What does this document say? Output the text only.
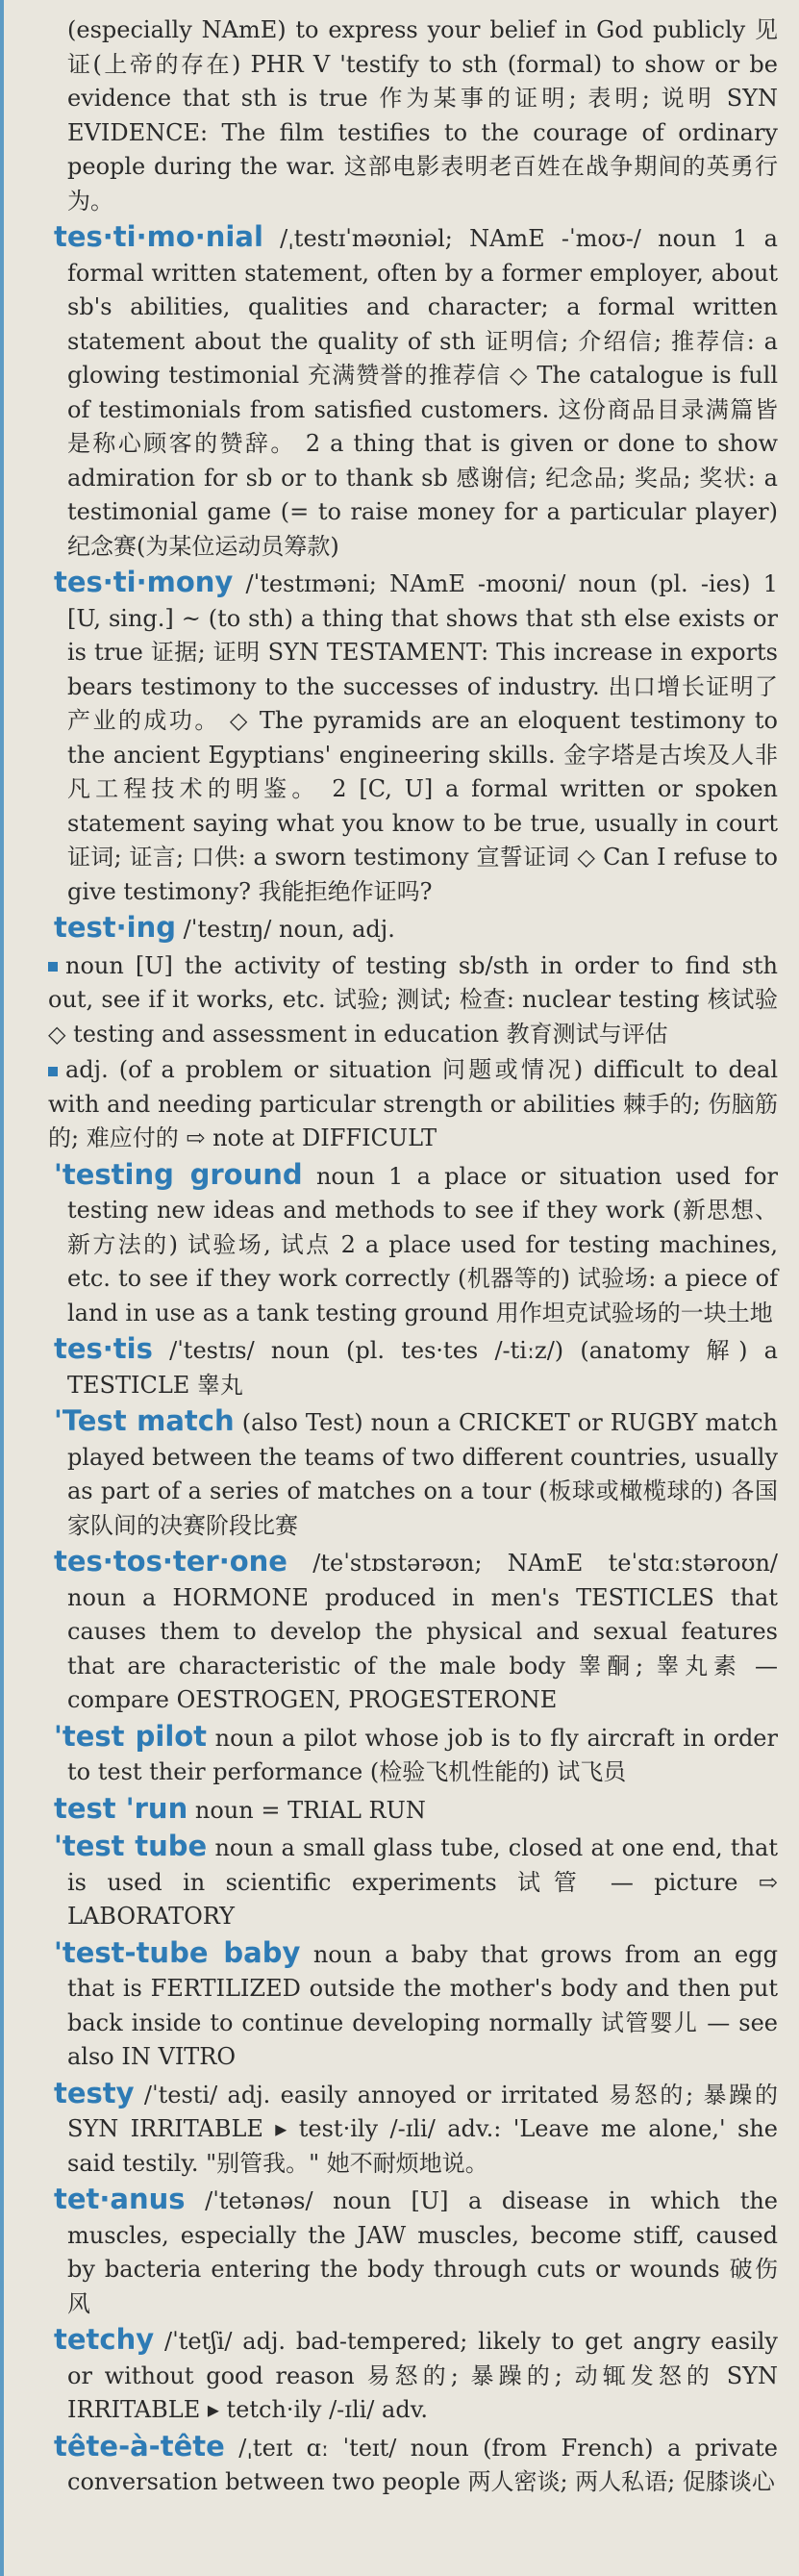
(especially NAmE) to express your belief in God publicly 见证(上帝的存在) PHR V 'testify to sth (formal) to show or be evidence that sth is true 作为某事的证明; 表明; 说明 SYN EVIDENCE: The film testifies to the courage of ordinary people during the war. 这部电影表明老百姓在战争期间的英勇行为。
tes·ti·mo·nial /ˌtestɪˈməʊniəl; NAmE -ˈmoʊ-/ noun 1 a formal written statement, often by a former employer, about sb's abilities, qualities and character; a formal written statement about the quality of sth 证明信; 介绍信; 推荐信: a glowing testimonial 充满赞誉的推荐信 ◇ The catalogue is full of testimonials from satisfied customers. 这份商品目录满篇皆是称心顾客的赞辞。 2 a thing that is given or done to show admiration for sb or to thank sb 感谢信; 纪念品; 奖品; 奖状: a testimonial game (= to raise money for a particular player) 纪念赛(为某位运动员筹款)
tes·ti·mony /ˈtestɪməni; NAmE -moʊni/ noun (pl. -ies) 1 [U, sing.] ~ (to sth) a thing that shows that sth else exists or is true 证据; 证明 SYN TESTAMENT: This increase in exports bears testimony to the successes of industry. 出口增长证明了产业的成功。 ◇ The pyramids are an eloquent testimony to the ancient Egyptians' engineering skills. 金字塔是古埃及人非凡工程技术的明鉴。 2 [C, U] a formal written or spoken statement saying what you know to be true, usually in court 证词; 证言; 口供: a sworn testimony 宣誓证词 ◇ Can I refuse to give testimony? 我能拒绝作证吗?
test·ing /ˈtestɪŋ/ noun, adj.
noun [U] the activity of testing sb/sth in order to find sth out, see if it works, etc. 试验; 测试; 检查: nuclear testing 核试验 ◇ testing and assessment in education 教育测试与评估
adj. (of a problem or situation 问题或情况) difficult to deal with and needing particular strength or abilities 棘手的; 伤脑筋的; 难应付的 ⇨ note at DIFFICULT
'testing ground noun 1 a place or situation used for testing new ideas and methods to see if they work (新思想、新方法的) 试验场, 试点 2 a place used for testing machines, etc. to see if they work correctly (机器等的) 试验场: a piece of land in use as a tank testing ground 用作坦克试验场的一块土地
tes·tis /ˈtestɪs/ noun (pl. tes·tes /-tiːz/) (anatomy 解) a TESTICLE 睾丸
'Test match (also Test) noun a CRICKET or RUGBY match played between the teams of two different countries, usually as part of a series of matches on a tour (板球或橄榄球的) 各国家队间的决赛阶段比赛
tes·tos·ter·one /teˈstɒstərəʊn; NAmE teˈstɑːstəroʊn/ noun a HORMONE produced in men's TESTICLES that causes them to develop the physical and sexual features that are characteristic of the male body 睾酮; 睾丸素 — compare OESTROGEN, PROGESTERONE
'test pilot noun a pilot whose job is to fly aircraft in order to test their performance (检验飞机性能的) 试飞员
test 'run noun = TRIAL RUN
'test tube noun a small glass tube, closed at one end, that is used in scientific experiments 试管 — picture ⇨ LABORATORY
'test-tube baby noun a baby that grows from an egg that is FERTILIZED outside the mother's body and then put back inside to continue developing normally 试管婴儿 — see also IN VITRO
testy /ˈtesti/ adj. easily annoyed or irritated 易怒的; 暴躁的 SYN IRRITABLE ▸ test·ily /-ɪli/ adv.: 'Leave me alone,' she said testily. "别管我。" 她不耐烦地说。
tet·anus /ˈtetənəs/ noun [U] a disease in which the muscles, especially the JAW muscles, become stiff, caused by bacteria entering the body through cuts or wounds 破伤风
tetchy /ˈtetʃi/ adj. bad-tempered; likely to get angry easily or without good reason 易怒的; 暴躁的; 动辄发怒的 SYN IRRITABLE ▸ tetch·ily /-ɪli/ adv.
tête-à-tête /ˌteɪt ɑː ˈteɪt/ noun (from French) a private conversation between two people 两人密谈; 两人私语; 促膝谈心
